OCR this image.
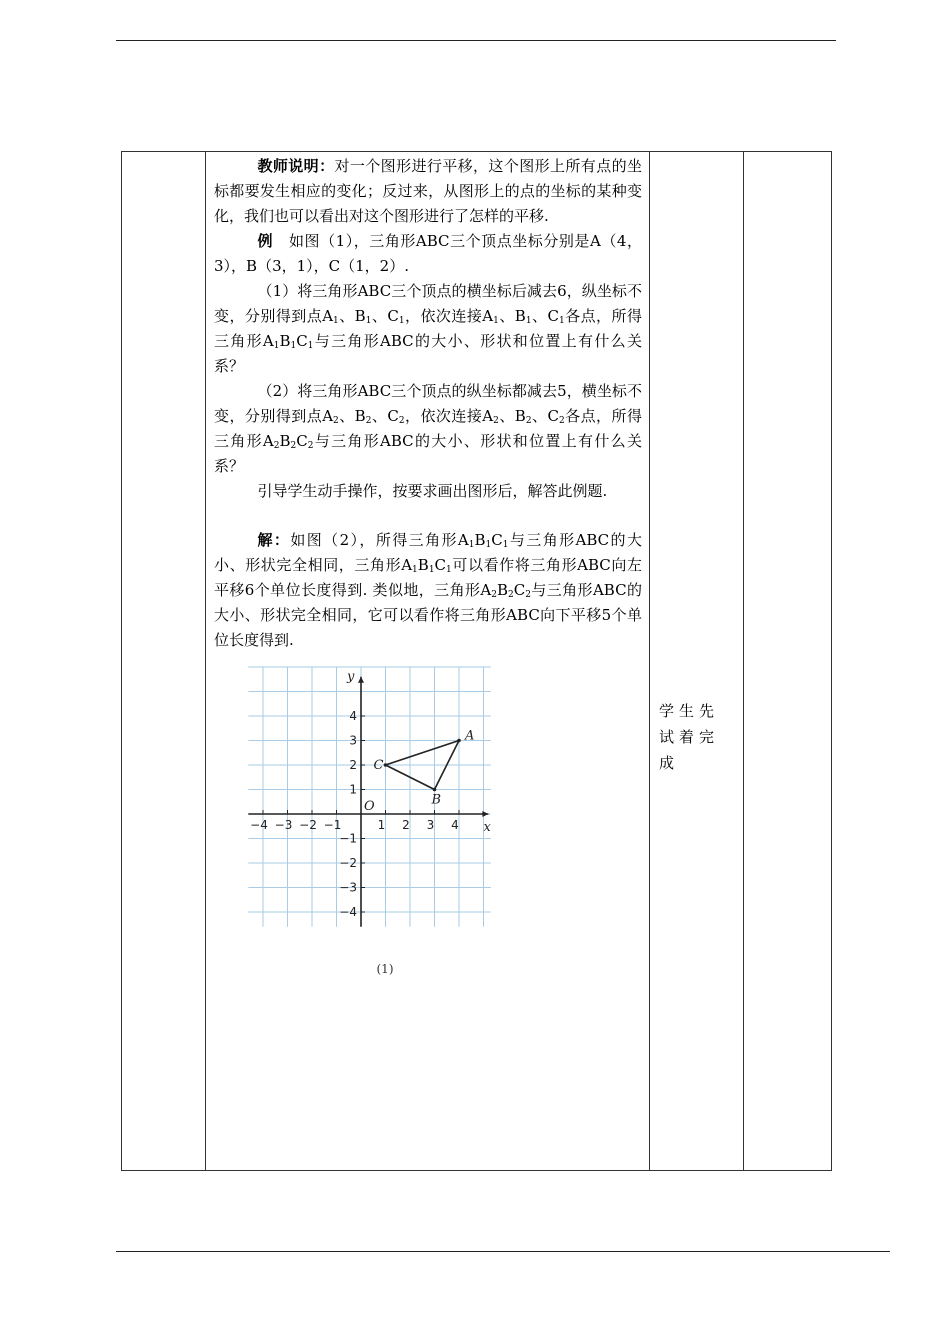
教师说明：对一个图形进行平移，这个图形上所有点的坐标都要发生相应的变化；反过来，从图形上的点的坐标的某种变化，我们也可以看出对这个图形进行了怎样的平移.

例 如图（1），三角形ABC三个顶点坐标分别是A（4，3），B（3，1），C（1，2）.

（1）将三角形ABC三个顶点的横坐标后减去6，纵坐标不变，分别得到点$A_1$、$B_1$、$C_1$，依次连接$A_1$、$B_1$、$C_1$各点，所得三角形$A_1B_1C_1$与三角形ABC的大小、形状和位置上有什么关系？

（2）将三角形ABC三个顶点的纵坐标都减去5，横坐标不变，分别得到点$A_2$、$B_2$、$C_2$，依次连接$A_2$、$B_2$、$C_2$各点，所得三角形$A_2B_2C_2$与三角形ABC的大小、形状和位置上有什么关系？

引导学生动手操作，按要求画出图形后，解答此例题.

解：如图（2），所得三角形$A_1B_1C_1$与三角形ABC的大小、形状完全相同，三角形$A_1B_1C_1$可以看作将三角形ABC向左平移6个单位长度得到. 类似地，三角形$A_2B_2C_2$与三角形ABC的大小、形状完全相同，它可以看作将三角形ABC向下平移5个单位长度得到.

x
y
O
−4 −3 −2 −1	1 2 3 4
4
3
2
1
−1
−2
−3
−4
A
B
C
(1)

学生先试着完成
